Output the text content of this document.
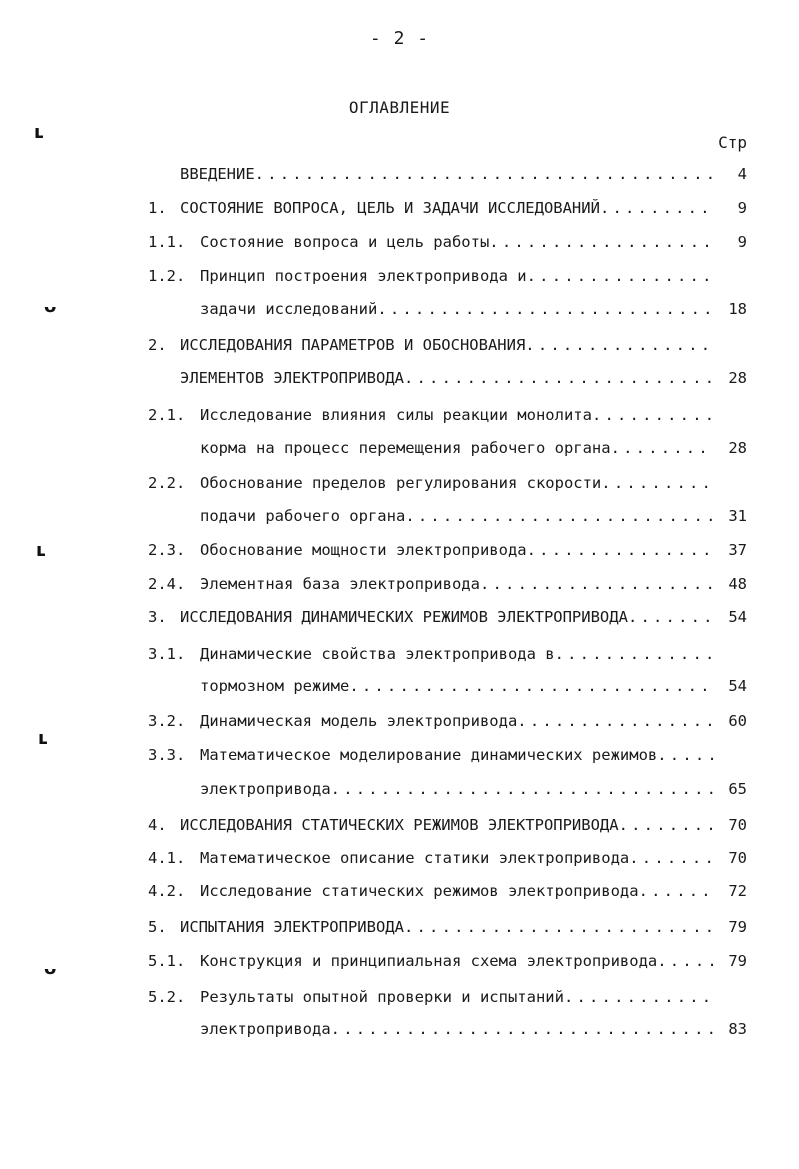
- 2 -
ОГЛАВЛЕНИЕ
Стр
ВВЕДЕНИЕ .....	4
1. СОСТОЯНИЕ ВОПРОСА, ЦЕЛЬ И ЗАДАЧИ ИССЛЕДОВАНИЙ .....	9
1.1. Состояние вопроса и цель работы .....	9
1.2. Принцип построения электропривода и
.....
задачи исследований .....	18
2. ИССЛЕДОВАНИЯ ПАРАМЕТРОВ И ОБОСНОВАНИЯ
.....
ЭЛЕМЕНТОВ ЭЛЕКТРОПРИВОДА .....	28
2.1. Исследование влияния силы реакции монолита
.....
корма на процесс перемещения рабочего органа .....	28
2.2. Обоснование пределов регулирования скорости
.....
подачи рабочего органа .....	31
2.3. Обоснование мощности электропривода .....	37
2.4. Элементная база электропривода .....	48
3. ИССЛЕДОВАНИЯ ДИНАМИЧЕСКИХ РЕЖИМОВ ЭЛЕКТРОПРИВОДА .....	54
3.1. Динамические свойства электропривода в
.....
тормозном режиме .....	54
3.2. Динамическая модель электропривода .....	60
3.3. Математическое моделирование динамических режимов
.....
электропривода .....	65
4. ИССЛЕДОВАНИЯ СТАТИЧЕСКИХ РЕЖИМОВ ЭЛЕКТРОПРИВОДА .....	70
4.1. Математическое описание статики электропривода .....	70
4.2. Исследование статических режимов электропривода .....	72
5. ИСПЫТАНИЯ ЭЛЕКТРОПРИВОДА .....	79
5.1. Конструкция и принципиальная схема электропривода .....	79
5.2. Результаты опытной проверки и испытаний
.....
электропривода .....	83
ʟ
ᴗ
ʟ
ʟ
ᴗ
